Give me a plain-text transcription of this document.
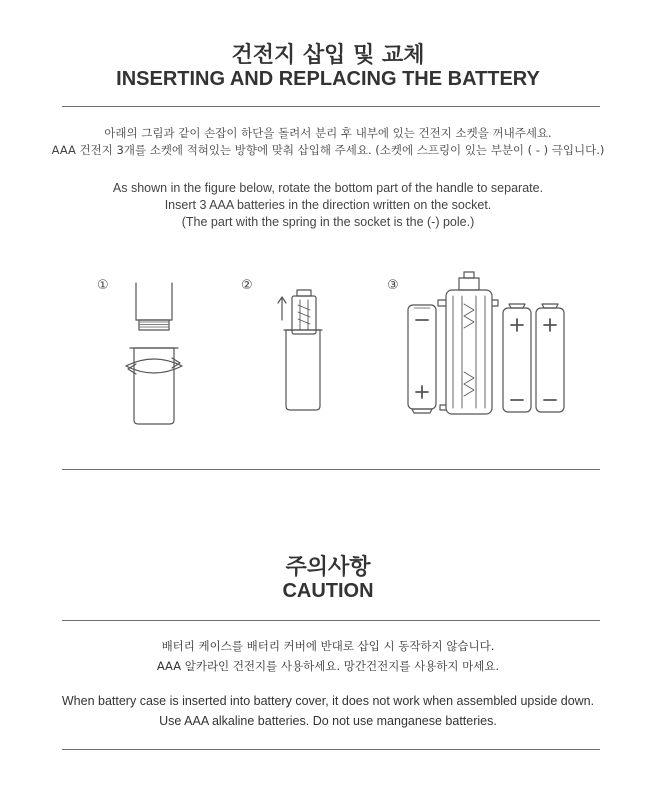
건전지 삽입 및 교체
INSERTING AND REPLACING THE BATTERY
아래의 그림과 같이 손잡이 하단을 돌려서 분리 후 내부에 있는 건전지 소켓을 꺼내주세요.
AAA 건전지 3개를 소켓에 적혀있는 방향에 맞춰 삽입해 주세요. (소켓에 스프링이 있는 부분이 ( - ) 극입니다.)
As shown in the figure below, rotate the bottom part of the handle to separate.
Insert 3 AAA batteries in the direction written on the socket.
(The part with the spring in the socket is the (-) pole.)
①	②	③
주의사항
CAUTION
배터리 케이스를 배터리 커버에 반대로 삽입 시 동작하지 않습니다.
AAA 알카라인 건전지를 사용하세요. 망간건전지를 사용하지 마세요.
When battery case is inserted into battery cover, it does not work when assembled upside down.
Use AAA alkaline batteries. Do not use manganese batteries.
